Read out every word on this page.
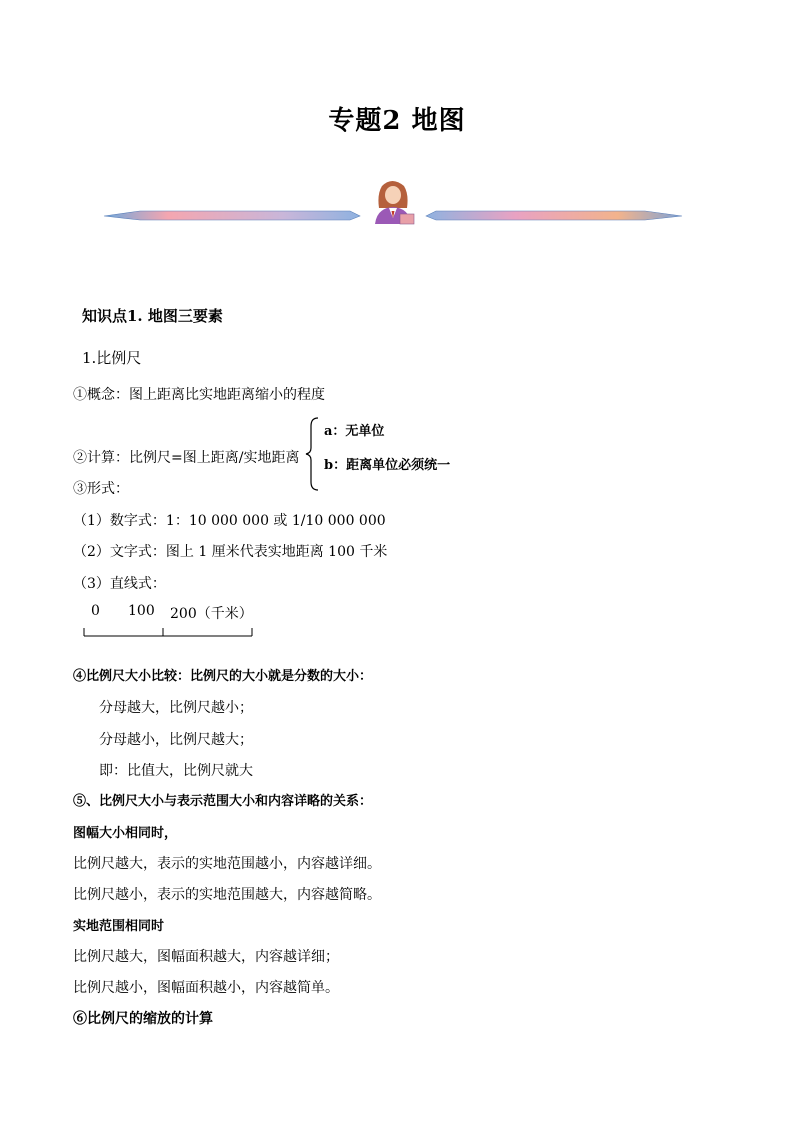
专题2 地图
知识点1. 地图三要素
1.比例尺
①概念：图上距离比实地距离缩小的程度
②计算：比例尺=图上距离/实地距离
a：无单位
b：距离单位必须统一
③形式：
（1）数字式：1：10 000 000 或 1/10 000 000
（2）文字式：图上 1 厘米代表实地距离 100 千米
（3）直线式：
0 100 200（千米）
④比例尺大小比较：比例尺的大小就是分数的大小：
分母越大，比例尺越小；
分母越小，比例尺越大；
即：比值大，比例尺就大
⑤、比例尺大小与表示范围大小和内容详略的关系：
图幅大小相同时，
比例尺越大，表示的实地范围越小，内容越详细。
比例尺越小，表示的实地范围越大，内容越简略。
实地范围相同时
比例尺越大，图幅面积越大，内容越详细；
比例尺越小，图幅面积越小，内容越简单。
⑥比例尺的缩放的计算
